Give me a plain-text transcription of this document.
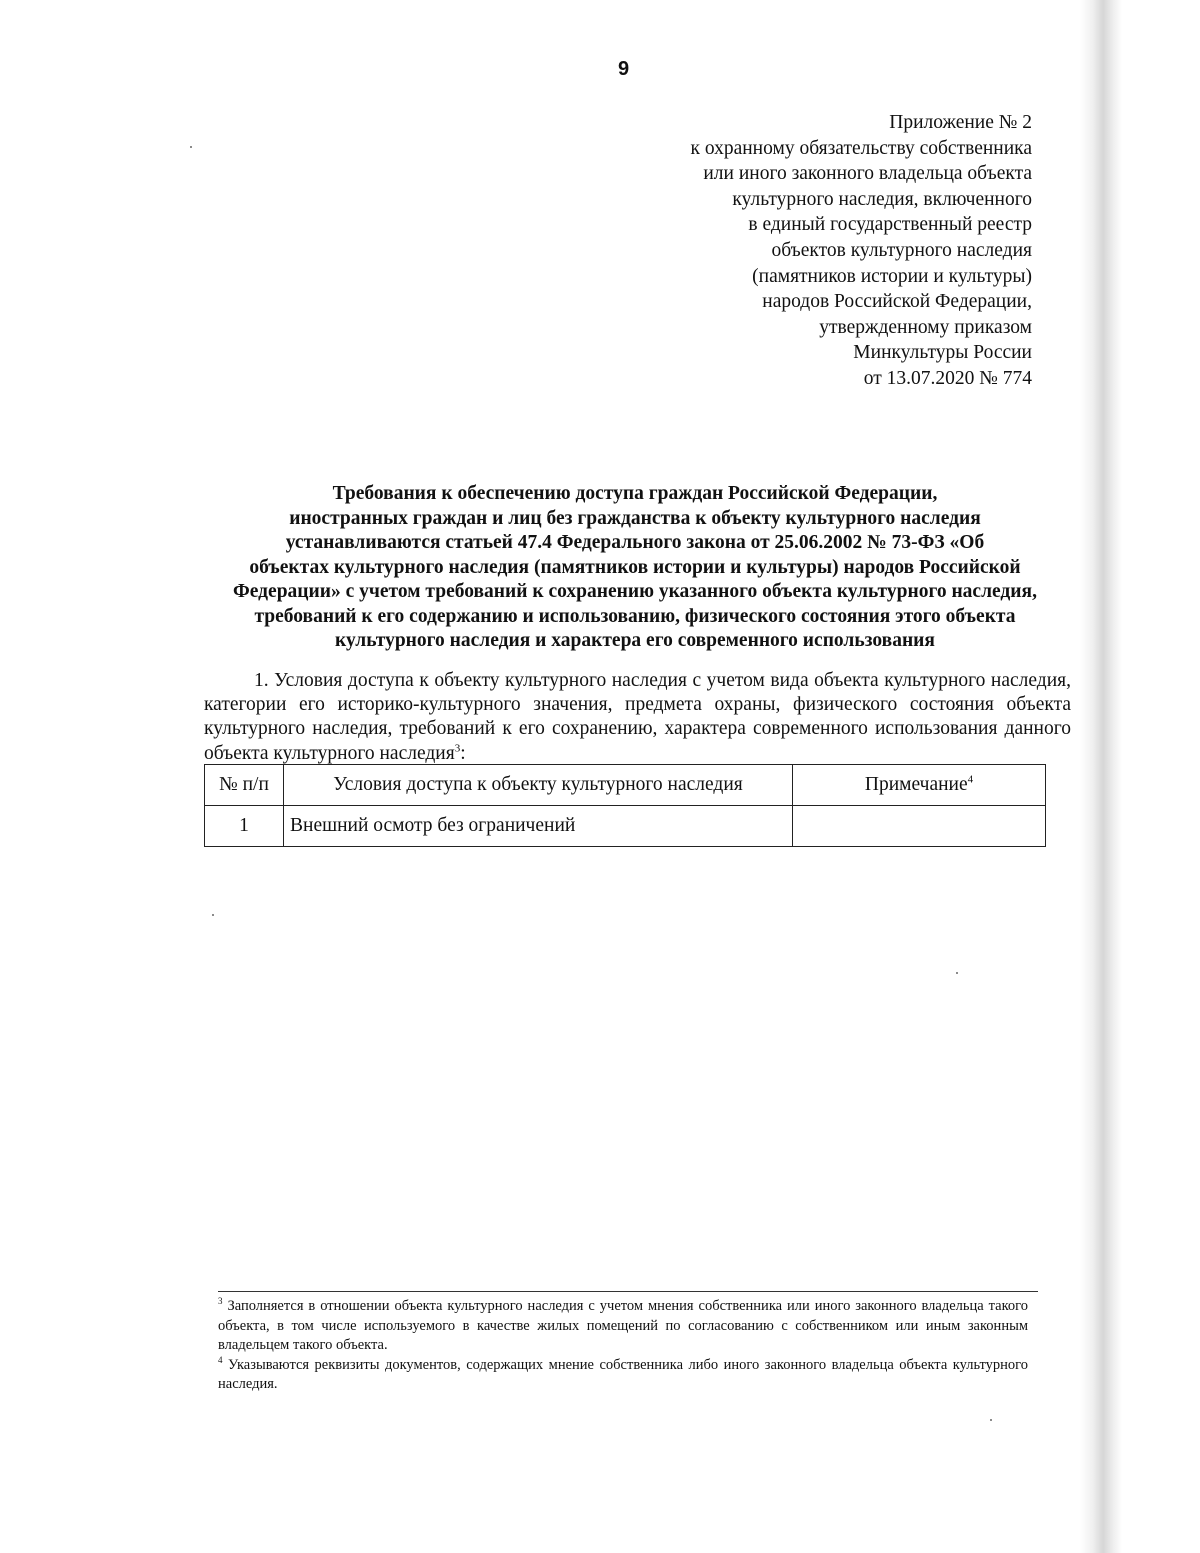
9
Приложение № 2
к охранному обязательству собственника
или иного законного владельца объекта
культурного наследия, включенного
в единый государственный реестр
объектов культурного наследия
(памятников истории и культуры)
народов Российской Федерации,
утвержденному приказом
Минкультуры России
от 13.07.2020 № 774
Требования к обеспечению доступа граждан Российской Федерации,
иностранных граждан и лиц без гражданства к объекту культурного наследия
устанавливаются статьей 47.4 Федерального закона от 25.06.2002 № 73-ФЗ «Об
объектах культурного наследия (памятников истории и культуры) народов Российской
Федерации» с учетом требований к сохранению указанного объекта культурного наследия,
требований к его содержанию и использованию, физического состояния этого объекта
культурного наследия и характера его современного использования
1. Условия доступа к объекту культурного наследия с учетом вида объекта культурного наследия, категории его историко-культурного значения, предмета охраны, физического состояния объекта культурного наследия, требований к его сохранению, характера современного использования данного объекта культурного наследия$^3$:
№ п/п	Условия доступа к объекту культурного наследия	Примечание$^4$
1	Внешний осмотр без ограничений	

$^3$ Заполняется в отношении объекта культурного наследия с учетом мнения собственника или иного законного владельца такого объекта, в том числе используемого в качестве жилых помещений по согласованию с собственником или иным законным владельцем такого объекта.

$^4$ Указываются реквизиты документов, содержащих мнение собственника либо иного законного владельца объекта культурного наследия.
